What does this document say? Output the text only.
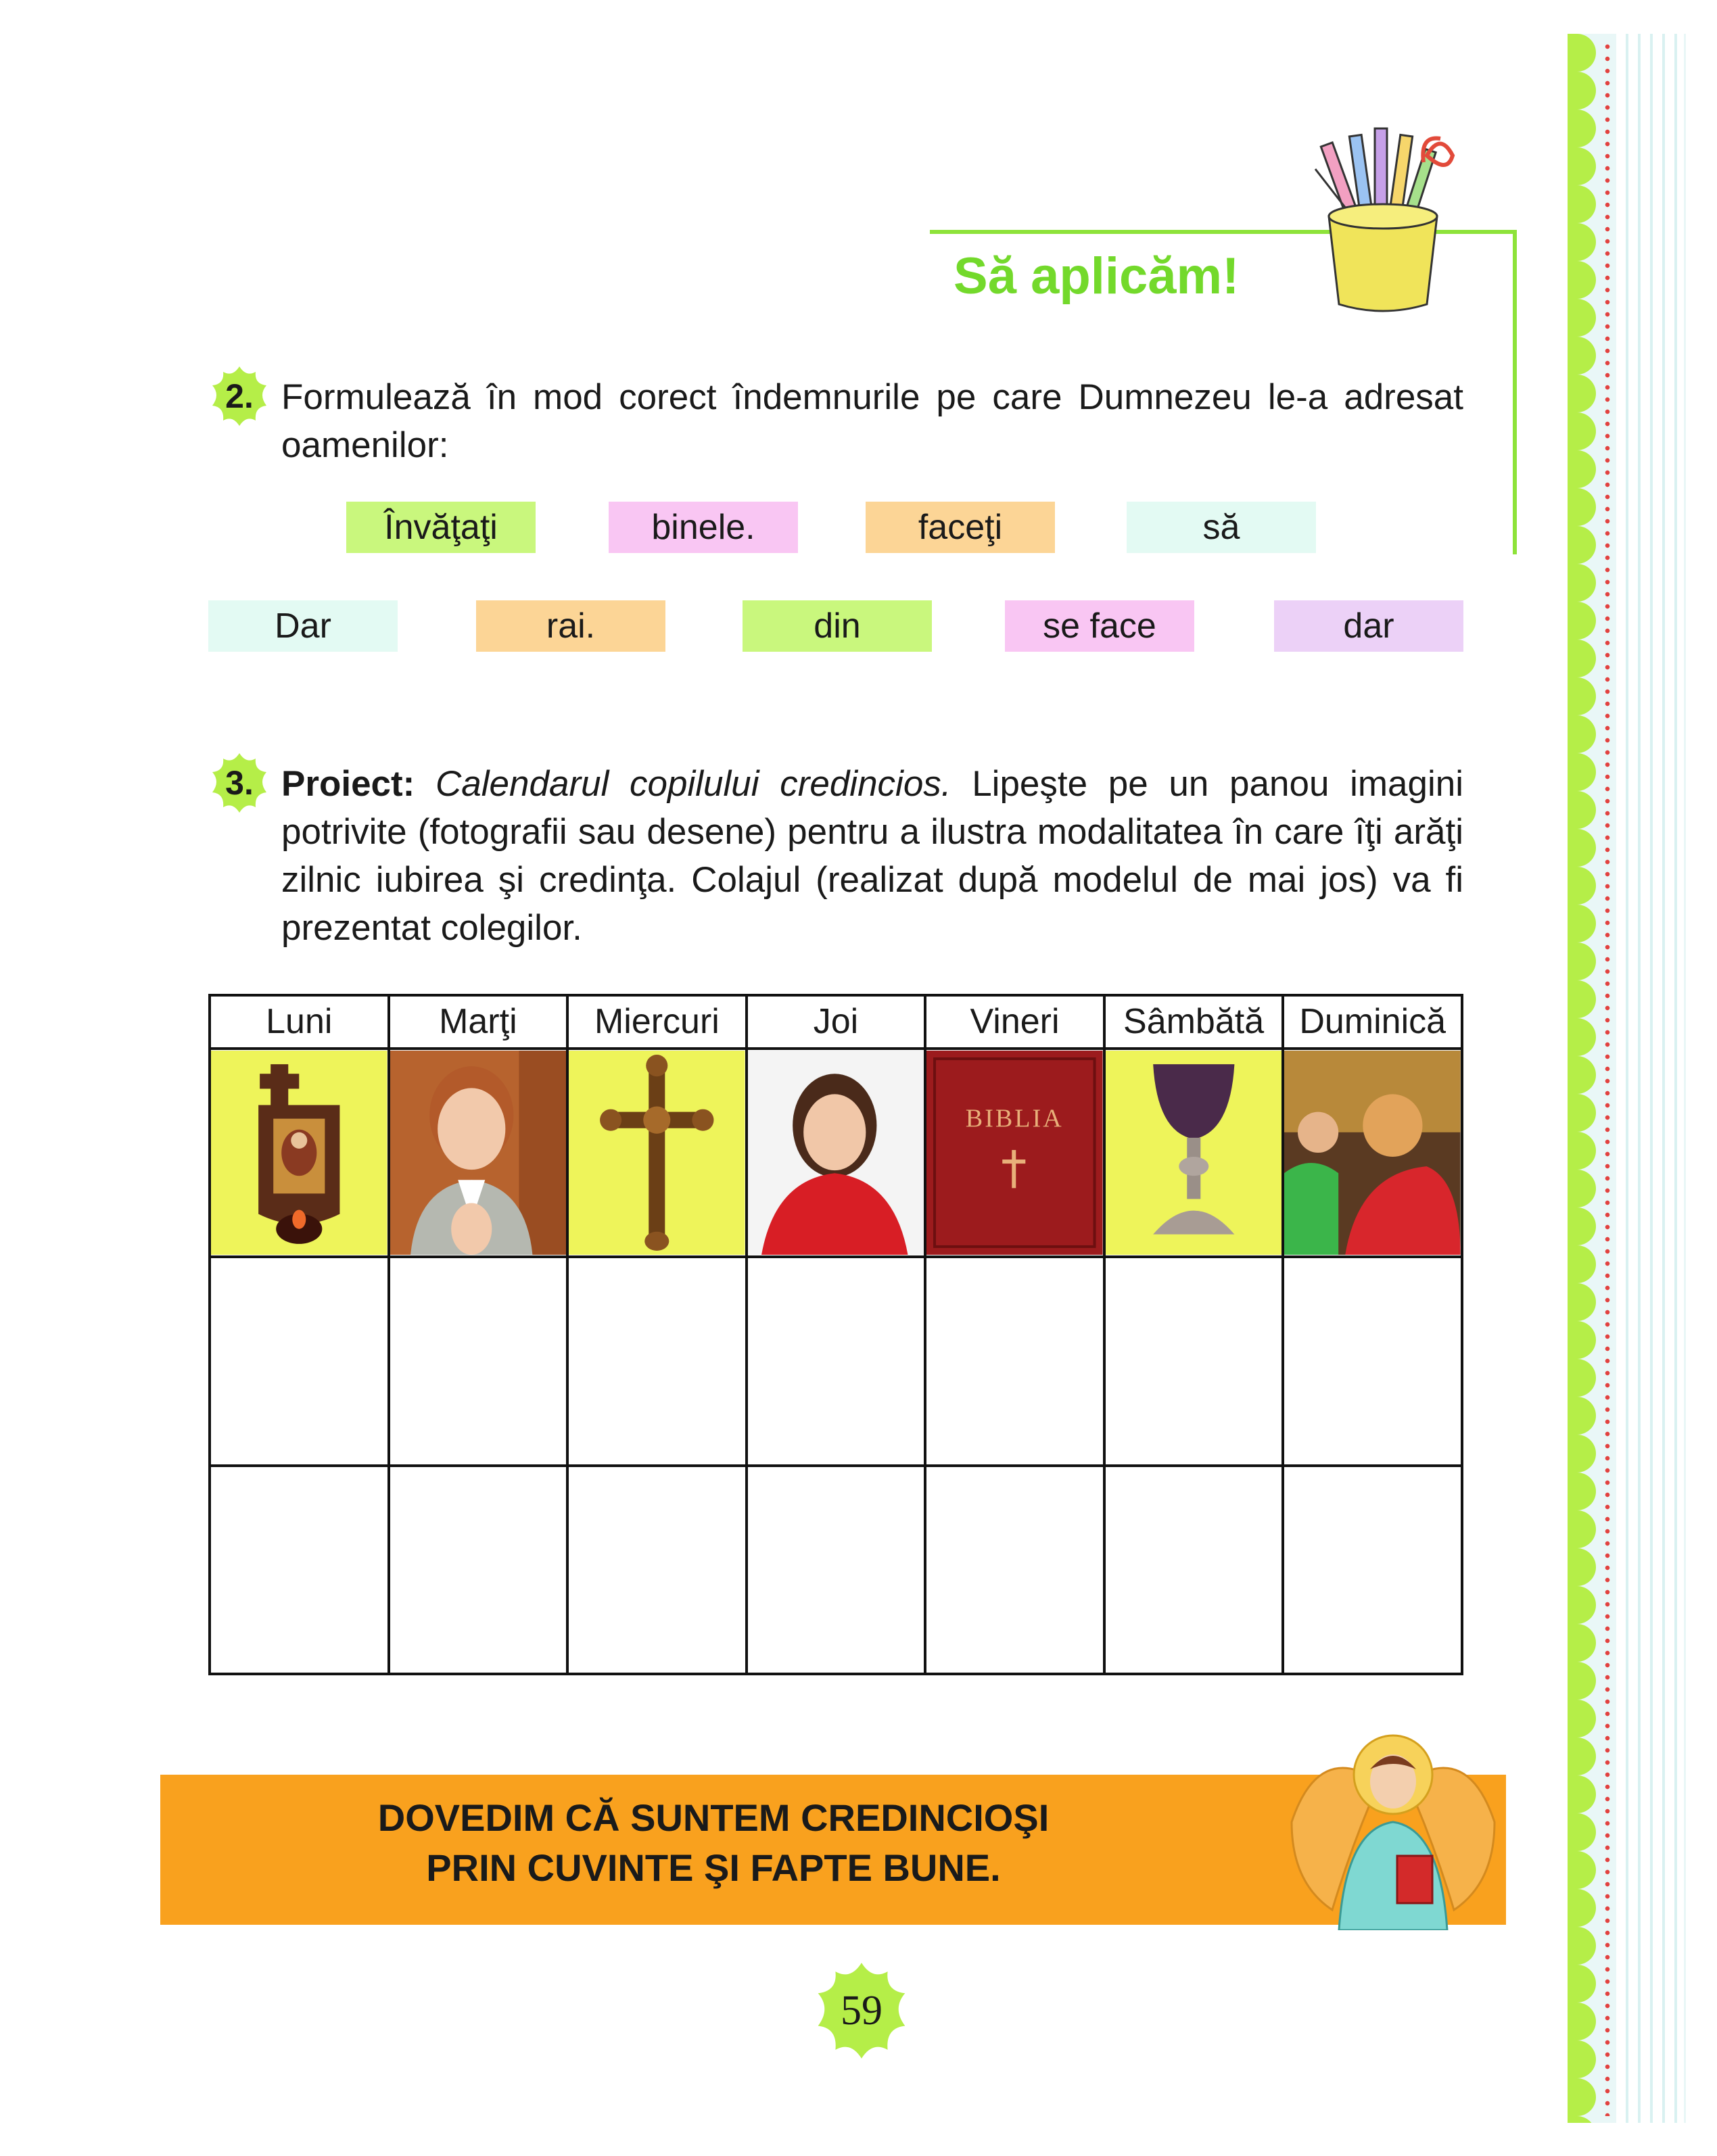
Să aplicăm!
2. Formulează în mod corect îndemnurile pe care Dumnezeu le-a adresat oamenilor:
Învăţaţi	binele.	faceţi	să
Dar	rai.	din	se face	dar
3. Proiect: Calendarul copilului credincios. Lipeşte pe un panou imagini potrivite (fotografii sau desene) pentru a ilustra modalitatea în care îţi arăţi zilnic iubirea şi credinţa. Colajul (realizat după modelul de mai jos) va fi prezentat colegilor.
Luni	Marţi	Miercuri	Joi	Vineri	Sâmbătă	Duminică

BIBLIA

DOVEDIM CĂ SUNTEM CREDINCIOŞI
PRIN CUVINTE ŞI FAPTE BUNE.
59
